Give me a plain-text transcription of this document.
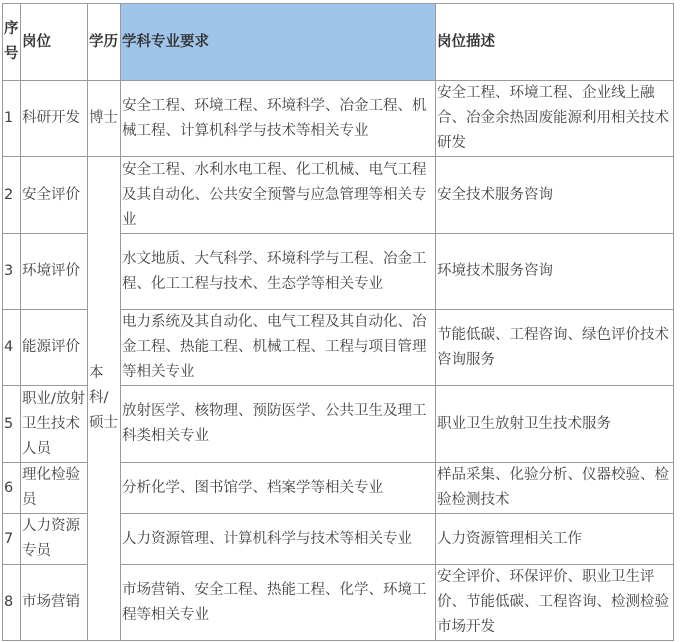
序号	岗位	学历	学科专业要求	岗位描述
1	科研开发	博士	安全工程、环境工程、环境科学、冶金工程、机械工程、计算机科学与技术等相关专业	安全工程、环境工程、企业线上融合、冶金余热固废能源利用相关技术研发
2	安全评价	本科/硕士	安全工程、水利水电工程、化工机械、电气工程及其自动化、公共安全预警与应急管理等相关专业	安全技术服务咨询
3	环境评价		水文地质、大气科学、环境科学与工程、冶金工程、化工工程与技术、生态学等相关专业	环境技术服务咨询
4	能源评价		电力系统及其自动化、电气工程及其自动化、冶金工程、热能工程、机械工程、工程与项目管理等相关专业	节能低碳、工程咨询、绿色评价技术咨询服务
5	职业/放射卫生技术人员		放射医学、核物理、预防医学、公共卫生及理工科类相关专业	职业卫生放射卫生技术服务
6	理化检验员		分析化学、图书馆学、档案学等相关专业	样品采集、化验分析、仪器校验、检验检测技术
7	人力资源专员		人力资源管理、计算机科学与技术等相关专业	人力资源管理相关工作
8	市场营销		市场营销、安全工程、热能工程、化学、环境工程等相关专业	安全评价、环保评价、职业卫生评价、节能低碳、工程咨询、检测检验市场开发
